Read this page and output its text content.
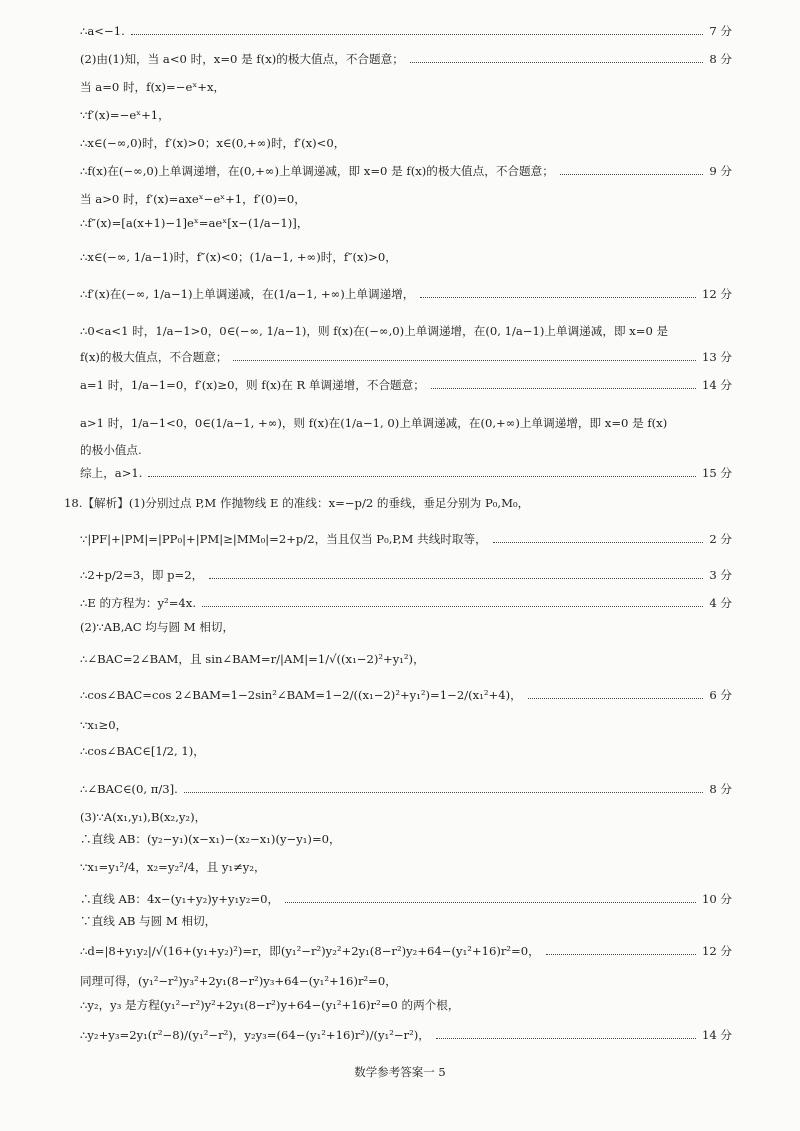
∴a<−1.	7 分
(2)由(1)知，当 a<0 时，x=0 是 f(x)的极大值点，不合题意；	8 分
当 a=0 时，f(x)=−eˣ+x，
∵f′(x)=−eˣ+1，
∴x∈(−∞,0)时，f′(x)>0；x∈(0,+∞)时，f′(x)<0，
∴f(x)在(−∞,0)上单调递增，在(0,+∞)上单调递减，即 x=0 是 f(x)的极大值点，不合题意；	9 分
当 a>0 时，f′(x)=axeˣ−eˣ+1，f′(0)=0，
∴f″(x)=[a(x+1)−1]eˣ=aeˣ[x−(1/a−1)]，
∴x∈(−∞, 1/a−1)时，f″(x)<0；(1/a−1, +∞)时，f″(x)>0，
∴f′(x)在(−∞, 1/a−1)上单调递减，在(1/a−1, +∞)上单调递增，	12 分
∴0<a<1 时，1/a−1>0，0∈(−∞, 1/a−1)，则 f(x)在(−∞,0)上单调递增，在(0, 1/a−1)上单调递减，即 x=0 是
f(x)的极大值点，不合题意；	13 分
a=1 时，1/a−1=0，f′(x)≥0，则 f(x)在 R 单调递增，不合题意；	14 分
a>1 时，1/a−1<0，0∈(1/a−1, +∞)，则 f(x)在(1/a−1, 0)上单调递减，在(0,+∞)上单调递增，即 x=0 是 f(x)
的极小值点.
综上，a>1.	15 分
18.【解析】(1)分别过点 P,M 作抛物线 E 的准线：x=−p/2 的垂线，垂足分别为 P₀,M₀，
∵|PF|+|PM|=|PP₀|+|PM|≥|MM₀|=2+p/2，当且仅当 P₀,P,M 共线时取等，	2 分
∴2+p/2=3，即 p=2，	3 分
∴E 的方程为：y²=4x.	4 分
(2)∵AB,AC 均与圆 M 相切，
∴∠BAC=2∠BAM，且 sin∠BAM=r/|AM|=1/√((x₁−2)²+y₁²)，
∴cos∠BAC=cos 2∠BAM=1−2sin²∠BAM=1−2/((x₁−2)²+y₁²)=1−2/(x₁²+4)，	6 分
∵x₁≥0，
∴cos∠BAC∈[1/2, 1)，
∴∠BAC∈(0, π/3].	8 分
(3)∵A(x₁,y₁),B(x₂,y₂)，
∴直线 AB：(y₂−y₁)(x−x₁)−(x₂−x₁)(y−y₁)=0，
∵x₁=y₁²/4，x₂=y₂²/4，且 y₁≠y₂，
∴直线 AB：4x−(y₁+y₂)y+y₁y₂=0，	10 分
∵直线 AB 与圆 M 相切，
∴d=|8+y₁y₂|/√(16+(y₁+y₂)²)=r，即(y₁²−r²)y₂²+2y₁(8−r²)y₂+64−(y₁²+16)r²=0，	12 分
同理可得，(y₁²−r²)y₃²+2y₁(8−r²)y₃+64−(y₁²+16)r²=0，
∴y₂，y₃ 是方程(y₁²−r²)y²+2y₁(8−r²)y+64−(y₁²+16)r²=0 的两个根，
∴y₂+y₃=2y₁(r²−8)/(y₁²−r²)，y₂y₃=(64−(y₁²+16)r²)/(y₁²−r²)，	14 分
数学参考答案一 5
